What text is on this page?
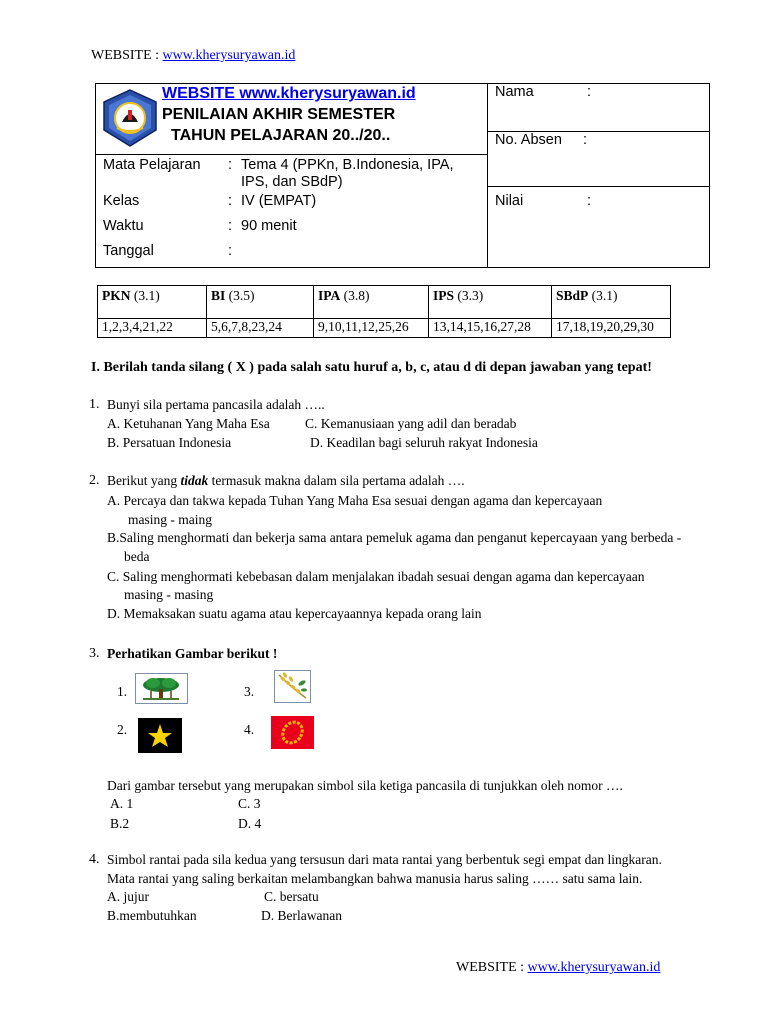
WEBSITE : www.kherysuryawan.id
WEBSITE www.kherysuryawan.id
PENILAIAN AKHIR SEMESTER
TAHUN PELAJARAN 20../20..
Mata Pelajaran : Tema 4 (PPKn, B.Indonesia, IPA,
IPS, dan SBdP)
Kelas	: IV (EMPAT)
Waktu	: 90 menit
Tanggal	:
Nama	:
No. Absen :
Nilai	:
PKN (3.1)	BI (3.5)	IPA (3.8)	IPS (3.3)	SBdP (3.1)
1,2,3,4,21,22	5,6,7,8,23,24	9,10,11,12,25,26	13,14,15,16,27,28	17,18,19,20,29,30
I. Berilah tanda silang ( X ) pada salah satu huruf a, b, c, atau d di depan jawaban yang tepat!
1. Bunyi sila pertama pancasila adalah …..
A. Ketuhanan Yang Maha Esa	C. Kemanusiaan yang adil dan beradab
B. Persatuan Indonesia	D. Keadilan bagi seluruh rakyat Indonesia
2. Berikut yang tidak termasuk makna dalam sila pertama adalah ….
A. Percaya dan takwa kepada Tuhan Yang Maha Esa sesuai dengan agama dan kepercayaan
masing - maing
B.Saling menghormati dan bekerja sama antara pemeluk agama dan penganut kepercayaan yang berbeda -
beda
C. Saling menghormati kebebasan dalam menjalakan ibadah sesuai dengan agama dan kepercayaan
masing - masing
D. Memaksakan suatu agama atau kepercayaannya kepada orang lain
3. Perhatikan Gambar berikut !
1.	3.
2.	4.
Dari gambar tersebut yang merupakan simbol sila ketiga pancasila di tunjukkan oleh nomor ….
A. 1	C. 3
B.2	D. 4
4. Simbol rantai pada sila kedua yang tersusun dari mata rantai yang berbentuk segi empat dan lingkaran.
Mata rantai yang saling berkaitan melambangkan bahwa manusia harus saling …… satu sama lain.
A. jujur	C. bersatu
B.membutuhkan	D. Berlawanan
WEBSITE : www.kherysuryawan.id
